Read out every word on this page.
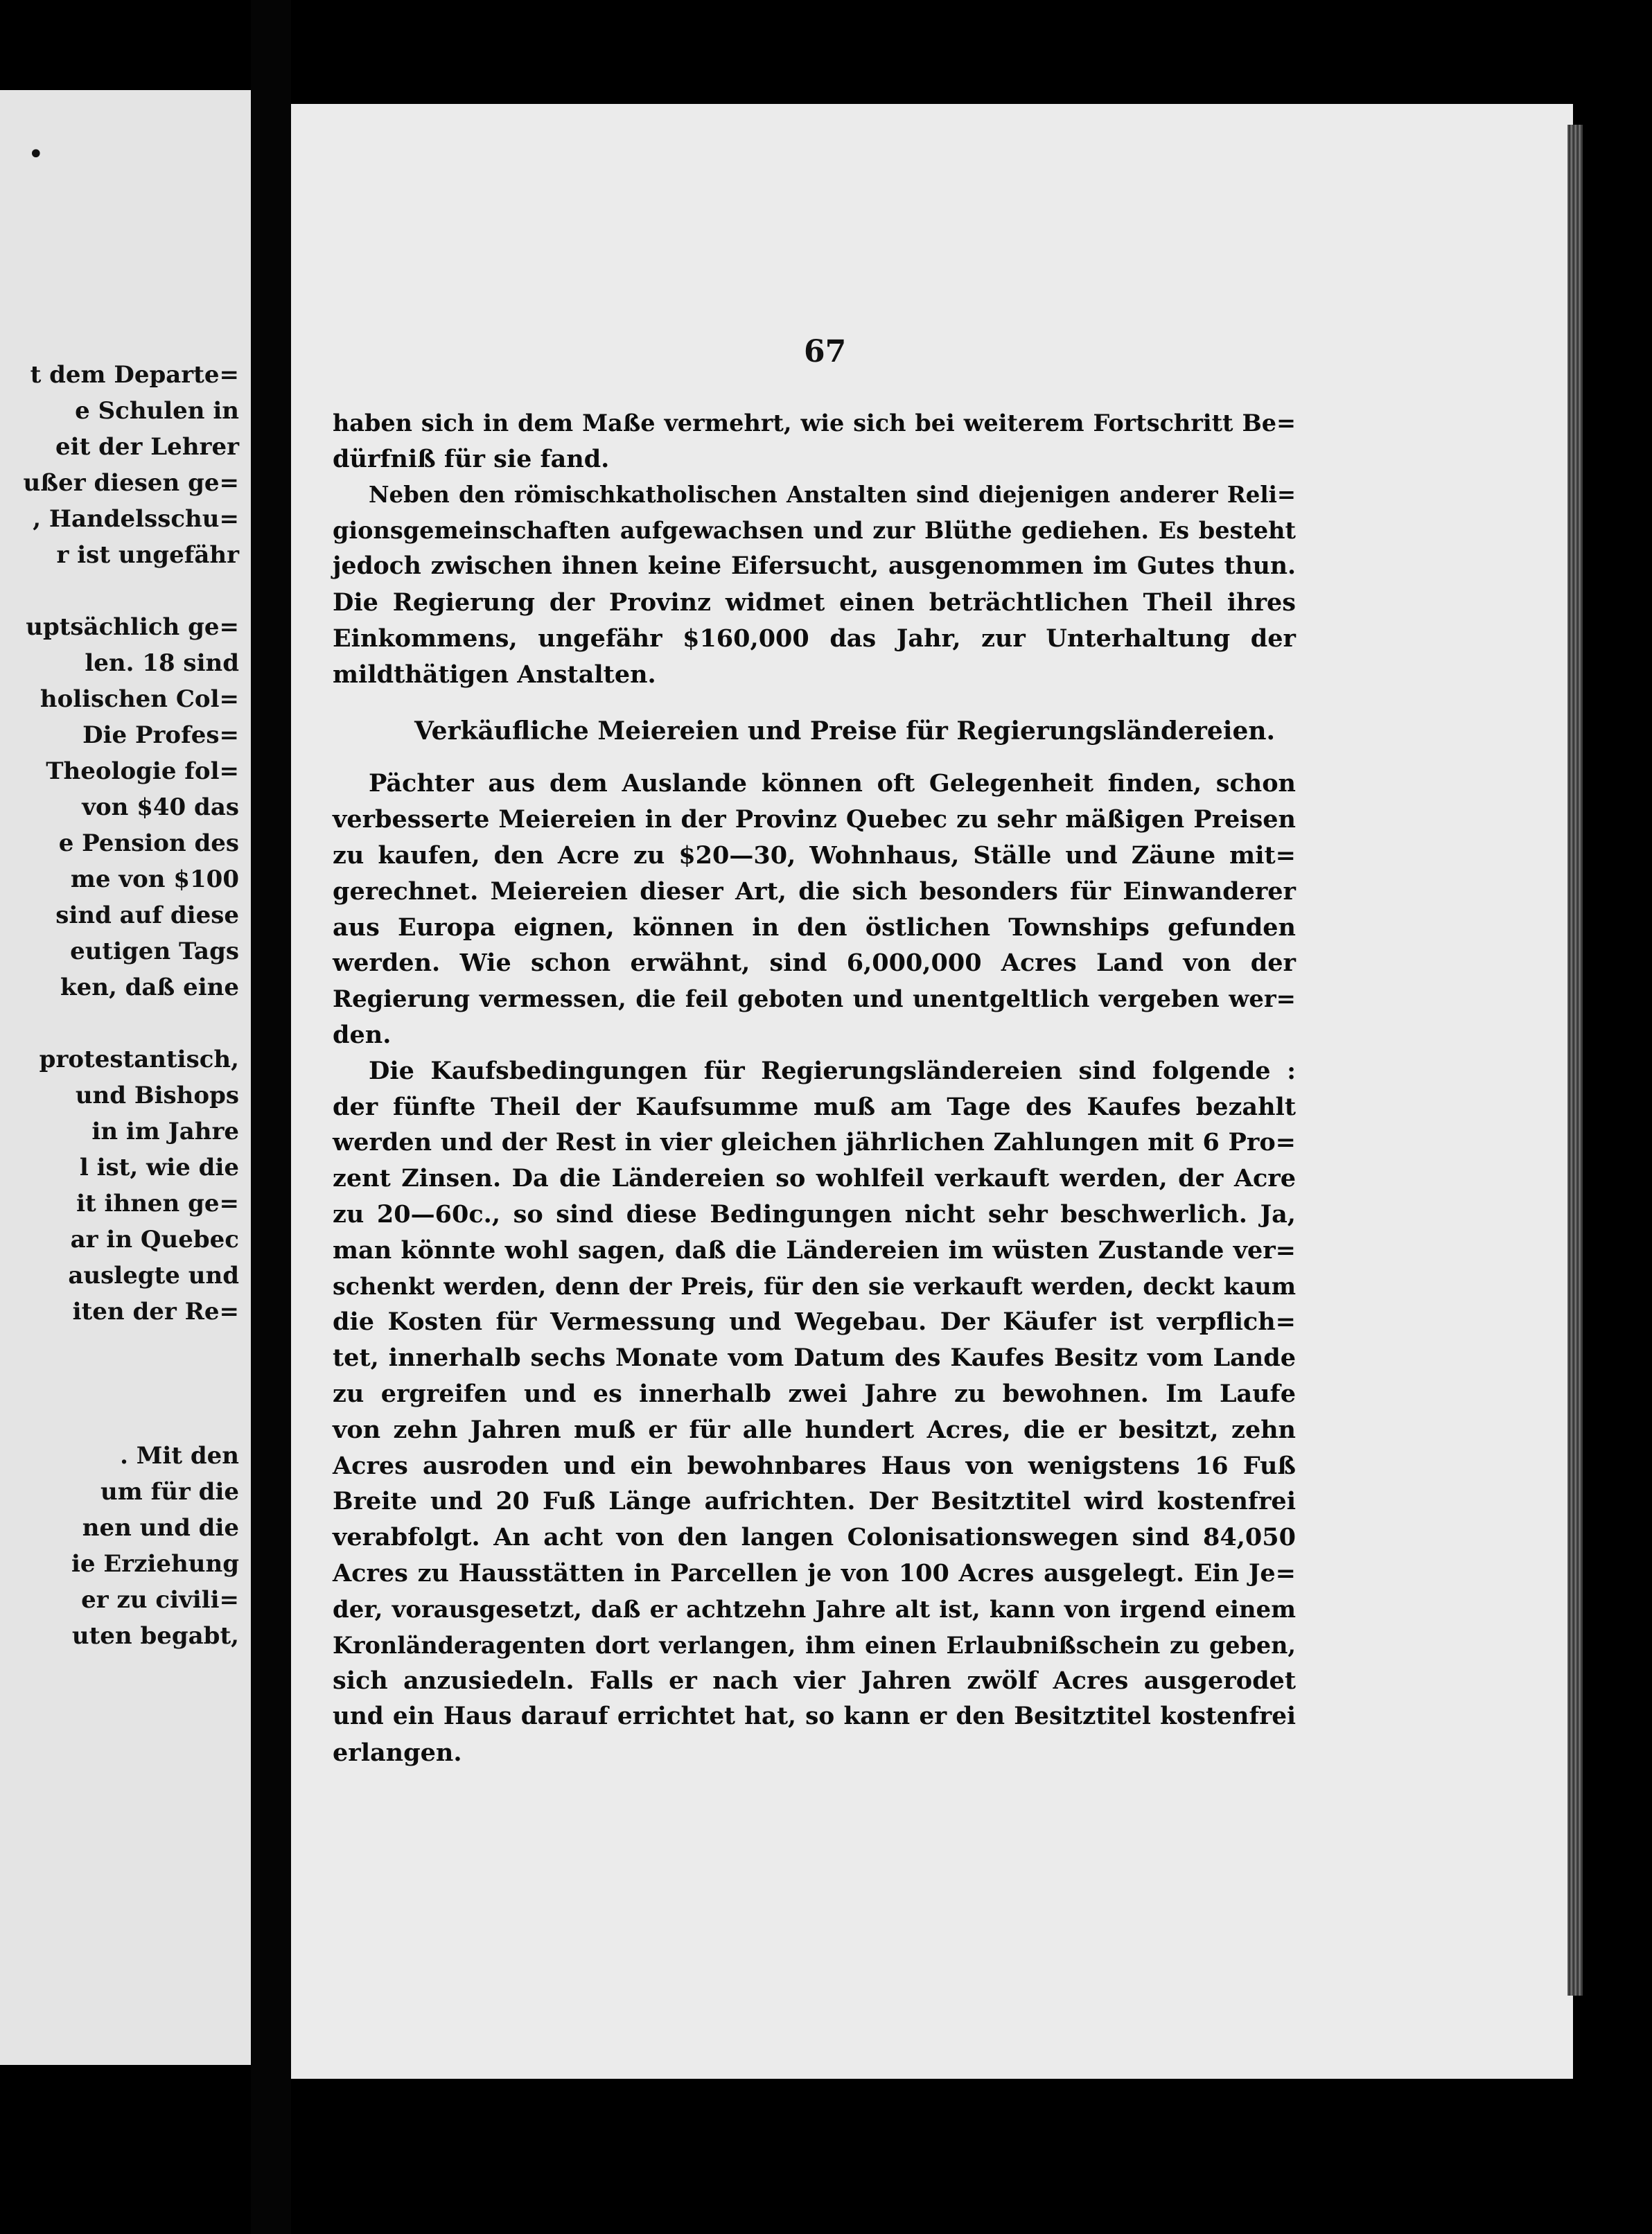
•
t dem Departe=
e Schulen in
eit der Lehrer
ußer diesen ge=
, Handelsschu=
r ist ungefähr
uptsächlich ge=
len. 18 sind
holischen Col=
Die Profes=
Theologie fol=
von $40 das
e Pension des
me von $100
sind auf diese
eutigen Tags
ken, daß eine
protestantisch,
und Bishops
in im Jahre
l ist, wie die
it ihnen ge=
ar in Quebec
auslegte und
iten der Re=
. Mit den
um für die
nen und die
ie Erziehung
er zu civili=
uten begabt,
67
haben sich in dem Maße vermehrt, wie sich bei weiterem Fortschritt Be=
dürfniß für sie fand.
Neben den römischkatholischen Anstalten sind diejenigen anderer Reli=
gionsgemeinschaften aufgewachsen und zur Blüthe gediehen. Es besteht
jedoch zwischen ihnen keine Eifersucht, ausgenommen im Gutes thun.
Die Regierung der Provinz widmet einen beträchtlichen Theil ihres
Einkommens, ungefähr $160,000 das Jahr, zur Unterhaltung der
mildthätigen Anstalten.
Verkäufliche Meiereien und Preise für Regierungsländereien.
Pächter aus dem Auslande können oft Gelegenheit finden, schon
verbesserte Meiereien in der Provinz Quebec zu sehr mäßigen Preisen
zu kaufen, den Acre zu $20—30, Wohnhaus, Ställe und Zäune mit=
gerechnet. Meiereien dieser Art, die sich besonders für Einwanderer
aus Europa eignen, können in den östlichen Townships gefunden
werden. Wie schon erwähnt, sind 6,000,000 Acres Land von der
Regierung vermessen, die feil geboten und unentgeltlich vergeben wer=
den.
Die Kaufsbedingungen für Regierungsländereien sind folgende :
der fünfte Theil der Kaufsumme muß am Tage des Kaufes bezahlt
werden und der Rest in vier gleichen jährlichen Zahlungen mit 6 Pro=
zent Zinsen. Da die Ländereien so wohlfeil verkauft werden, der Acre
zu 20—60c., so sind diese Bedingungen nicht sehr beschwerlich. Ja,
man könnte wohl sagen, daß die Ländereien im wüsten Zustande ver=
schenkt werden, denn der Preis, für den sie verkauft werden, deckt kaum
die Kosten für Vermessung und Wegebau. Der Käufer ist verpflich=
tet, innerhalb sechs Monate vom Datum des Kaufes Besitz vom Lande
zu ergreifen und es innerhalb zwei Jahre zu bewohnen. Im Laufe
von zehn Jahren muß er für alle hundert Acres, die er besitzt, zehn
Acres ausroden und ein bewohnbares Haus von wenigstens 16 Fuß
Breite und 20 Fuß Länge aufrichten. Der Besitztitel wird kostenfrei
verabfolgt. An acht von den langen Colonisationswegen sind 84,050
Acres zu Hausstätten in Parcellen je von 100 Acres ausgelegt. Ein Je=
der, vorausgesetzt, daß er achtzehn Jahre alt ist, kann von irgend einem
Kronländeragenten dort verlangen, ihm einen Erlaubnißschein zu geben,
sich anzusiedeln. Falls er nach vier Jahren zwölf Acres ausgerodet
und ein Haus darauf errichtet hat, so kann er den Besitztitel kostenfrei
erlangen.
